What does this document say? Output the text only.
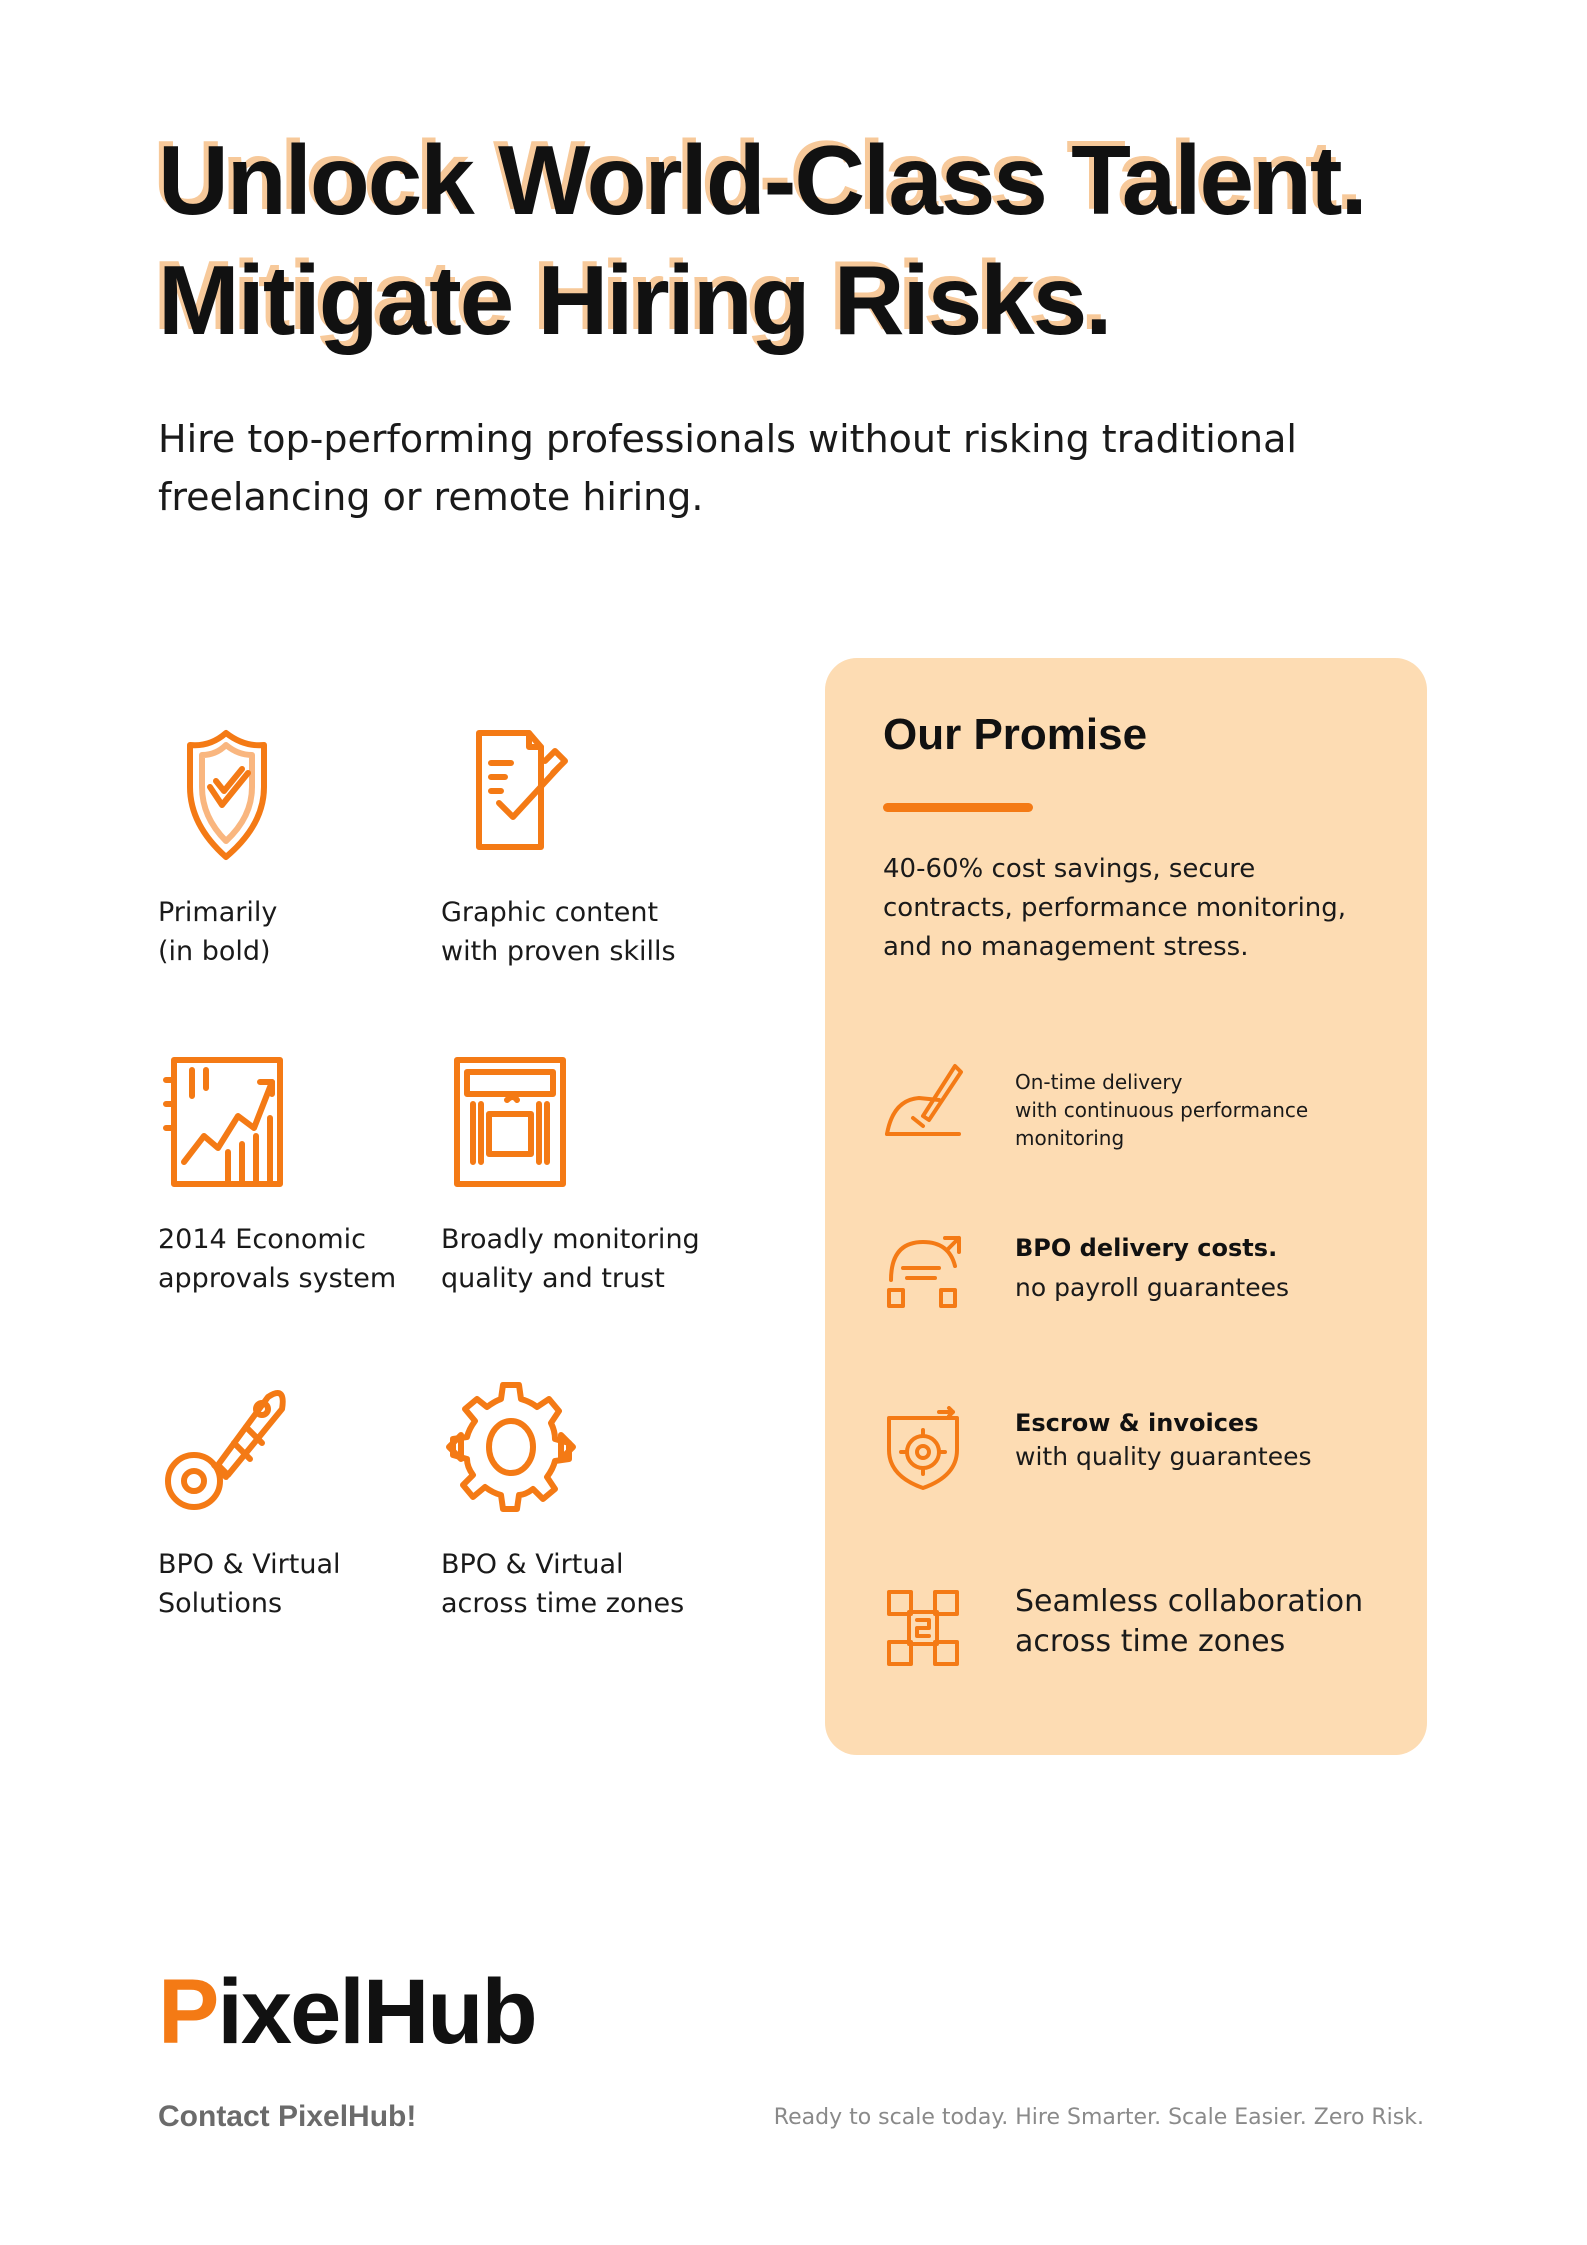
Unlock World-Class Talent.
Mitigate Hiring Risks.

Hire top-performing professionals without risking traditional freelancing or remote hiring.

Primarily
(in bold)
Graphic content
with proven skills
2014 Economic
approvals system
Broadly monitoring
quality and trust
BPO & Virtual
Solutions
BPO & Virtual
across time zones
Our Promise
40-60% cost savings, secure contracts, performance monitoring, and no management stress.
On-time delivery
with continuous performance monitoring
BPO delivery costs.
no payroll guarantees
Escrow & invoices
with quality guarantees
Seamless collaboration
across time zones
PixelHub
Contact PixelHub!	Ready to scale today. Hire Smarter. Scale Easier. Zero Risk.
